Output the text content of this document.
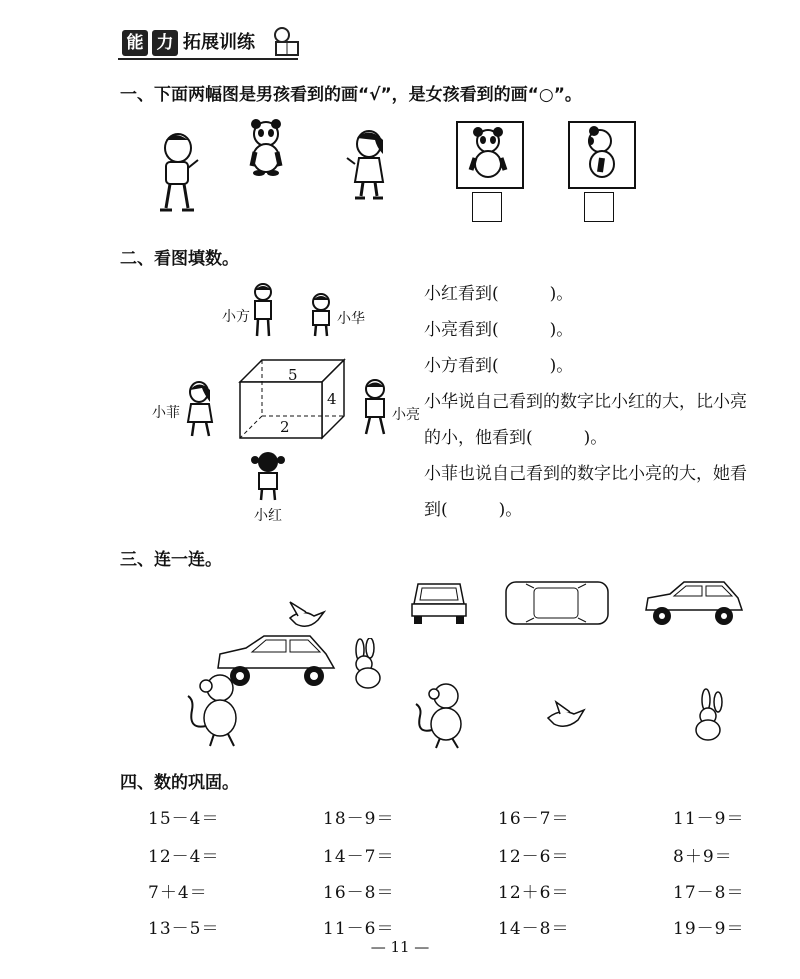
能 力 拓展训练
一、下面两幅图是男孩看到的画“√”，是女孩看到的画“○”。
二、看图填数。
小方	小华
5
4
2
小菲	小亮
小红
小红看到(　　　)。
小亮看到(　　　)。
小方看到(　　　)。
小华说自己看到的数字比小红的大，比小亮
的小，他看到(　　　)。
小菲也说自己看到的数字比小亮的大，她看
到(　　　)。
三、连一连。
四、数的巩固。
15－4＝	18－9＝	16－7＝	11－9＝
12－4＝	14－7＝	12－6＝	8＋9＝
7＋4＝	16－8＝	12＋6＝	17－8＝
13－5＝	11－6＝	14－8＝	19－9＝
— 11 —
